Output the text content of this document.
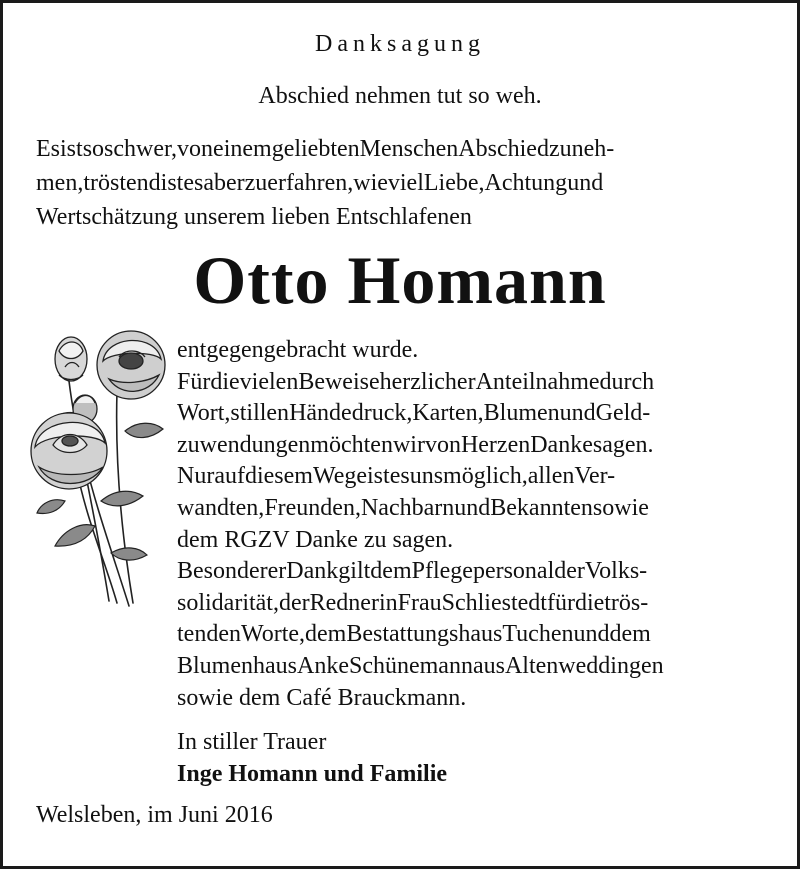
Danksagung
Abschied nehmen tut so weh.
Esistsoschwer,voneinemgeliebtenMenschenAbschiedzuneh-
men,tröstendistesaberzuerfahren,wievielLiebe,Achtungund
Wertschätzung unserem lieben Entschlafenen
Otto Homann
entgegengebracht wurde.
FürdievielenBeweiseherzlicherAnteilnahmedurch
Wort,stillenHändedruck,Karten,BlumenundGeld-
zuwendungenmöchtenwirvonHerzenDankesagen.
NuraufdiesemWegeistesunsmöglich,allenVer-
wandten,Freunden,NachbarnundBekanntensowie
dem RGZV Danke zu sagen.
BesondererDankgiltdemPflegepersonalderVolks-
solidarität,derRednerinFrauSchliestedtfürdietrös-
tendenWorte,demBestattungshausTuchenunddem
BlumenhausAnkeSchünemannausAltenweddingen
sowie dem Café Brauckmann.
In stiller Trauer
Inge Homann und Familie
Welsleben, im Juni 2016
